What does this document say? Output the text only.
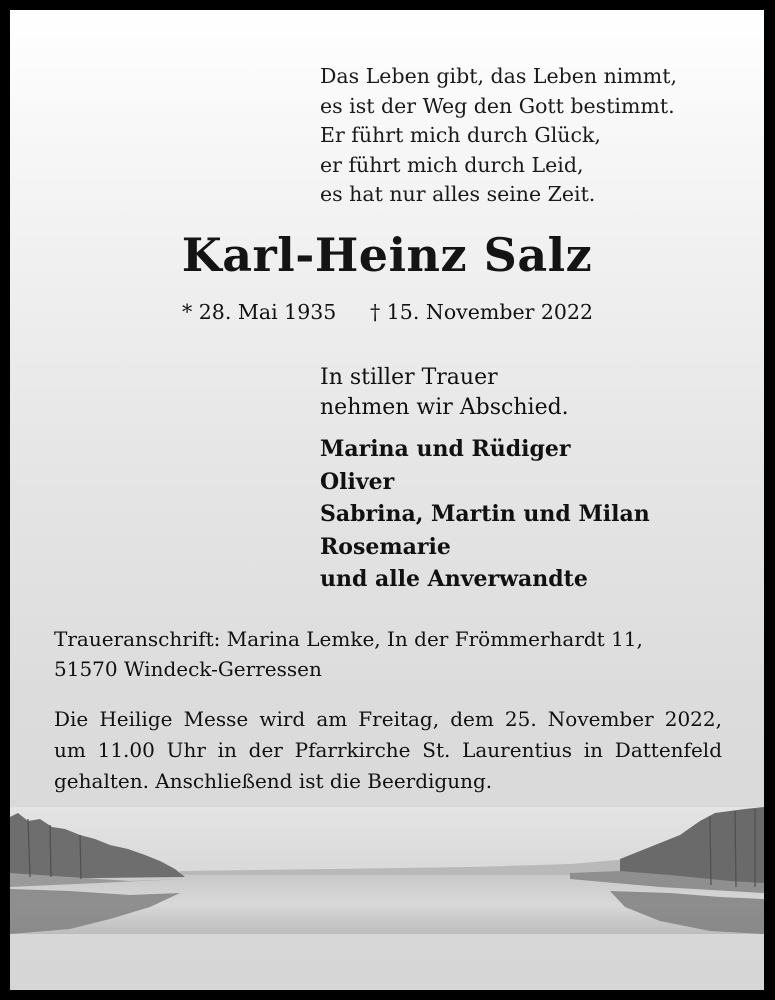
Das Leben gibt, das Leben nimmt,
es ist der Weg den Gott bestimmt.
Er führt mich durch Glück,
er führt mich durch Leid,
es hat nur alles seine Zeit.
Karl-Heinz Salz
* 28. Mai 1935 † 15. November 2022
In stiller Trauer
nehmen wir Abschied.
Marina und Rüdiger
Oliver
Sabrina, Martin und Milan
Rosemarie
und alle Anverwandte
Traueranschrift: Marina Lemke, In der Frömmerhardt 11,
51570 Windeck-Gerressen
Die Heilige Messe wird am Freitag, dem 25. November 2022,
um 11.00 Uhr in der Pfarrkirche St. Laurentius in Dattenfeld
gehalten. Anschließend ist die Beerdigung.
